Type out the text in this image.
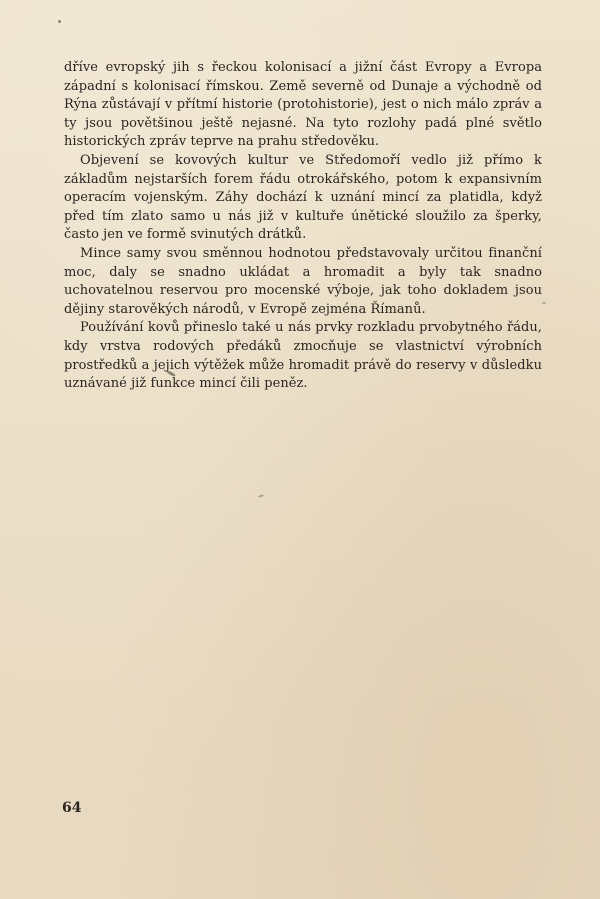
dříve evropský jih s řeckou kolonisací a jižní část Evropy a Evropa západní s kolonisací římskou. Země severně od Dunaje a východně od Rýna zůstávají v přítmí historie (protohistorie), jest o nich málo zpráv a ty jsou povětšinou ještě nejasné. Na tyto rozlohy padá plné světlo historických zpráv teprve na prahu středověku.

Objevení se kovových kultur ve Středomoří vedlo již přímo k základům nejstarších forem řádu otrokářského, potom k expansivním operacím vojenským. Záhy dochází k uznání mincí za platidla, když před tím zlato samo u nás již v kultuře únětické sloužilo za šperky, často jen ve formě svinutých drátků.

Mince samy svou směnnou hodnotou představovaly určitou finanční moc, daly se snadno ukládat a hromadit a byly tak snadno uchovatelnou reservou pro mocenské výboje, jak toho dokladem jsou dějiny starověkých národů, v Evropě zejména Římanů.

Používání kovů přineslo také u nás prvky rozkladu prvobytného řádu, kdy vrstva rodových předáků zmocňuje se vlastnictví výrobních prostředků a jejich výtěžek může hromadit právě do reservy v důsledku uznávané již funkce mincí čili peněz.

64
